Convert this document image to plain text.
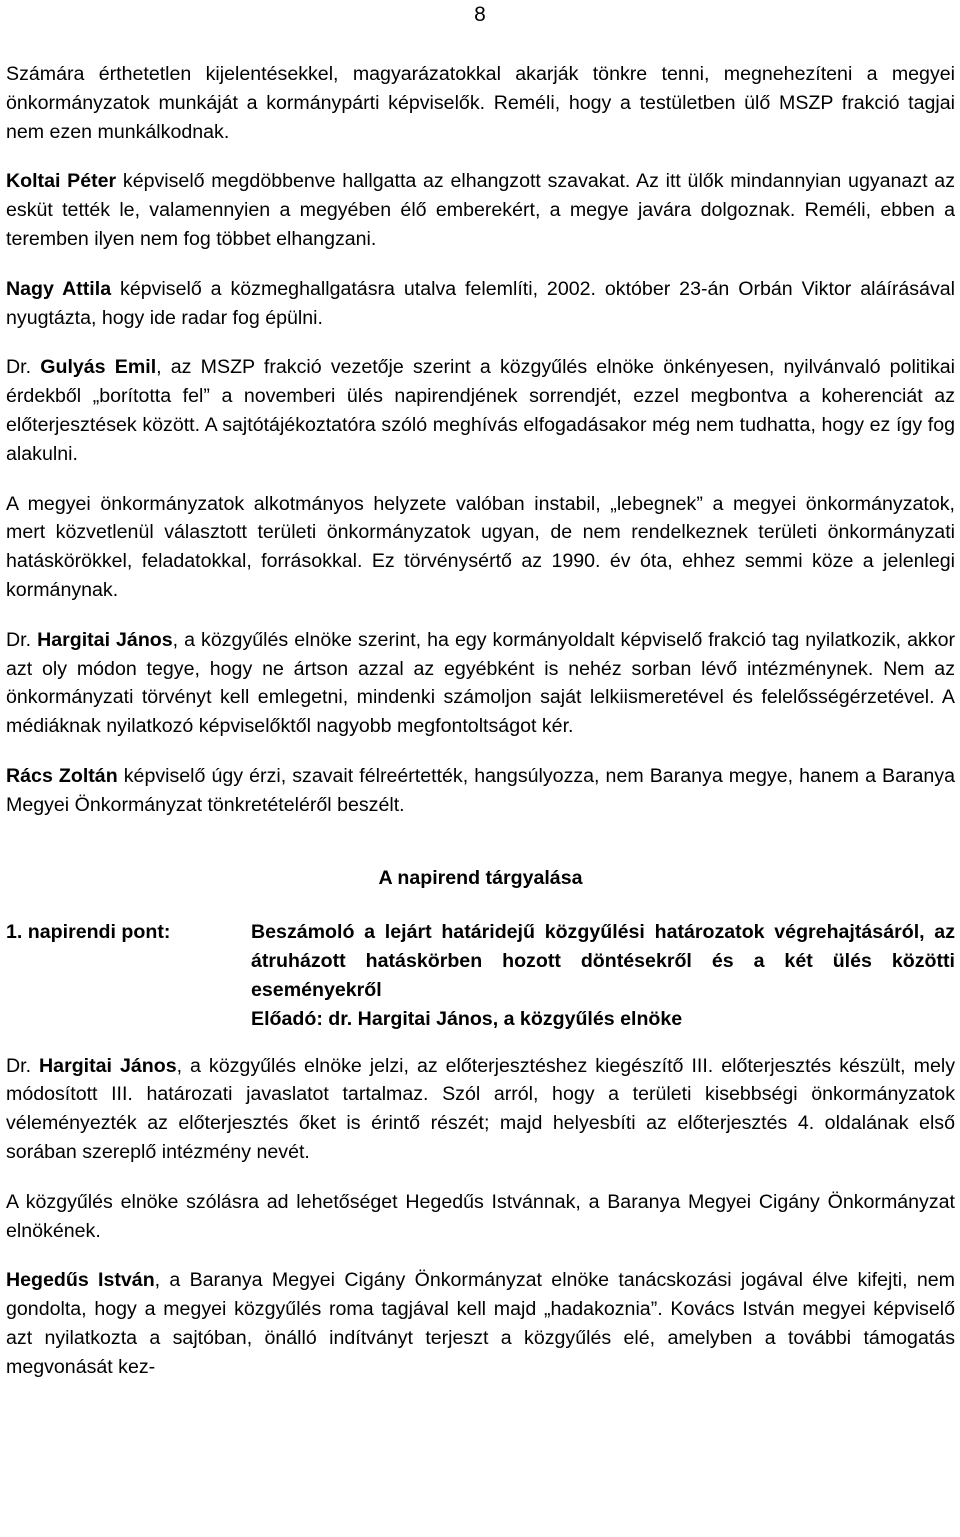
8

Számára érthetetlen kijelentésekkel, magyarázatokkal akarják tönkre tenni, megnehezíteni a megyei önkormányzatok munkáját a kormánypárti képviselők. Reméli, hogy a testületben ülő MSZP frakció tagjai nem ezen munkálkodnak.

Koltai Péter képviselő megdöbbenve hallgatta az elhangzott szavakat. Az itt ülők mindannyian ugyanazt az esküt tették le, valamennyien a megyében élő emberekért, a megye javára dolgoznak. Reméli, ebben a teremben ilyen nem fog többet elhangzani.

Nagy Attila képviselő a közmeghallgatásra utalva felemlíti, 2002. október 23-án Orbán Viktor aláírásával nyugtázta, hogy ide radar fog épülni.

Dr. Gulyás Emil, az MSZP frakció vezetője szerint a közgyűlés elnöke önkényesen, nyilvánvaló politikai érdekből „borította fel” a novemberi ülés napirendjének sorrendjét, ezzel megbontva a koherenciát az előterjesztések között. A sajtótájékoztatóra szóló meghívás elfogadásakor még nem tudhatta, hogy ez így fog alakulni.

A megyei önkormányzatok alkotmányos helyzete valóban instabil, „lebegnek” a megyei önkormányzatok, mert közvetlenül választott területi önkormányzatok ugyan, de nem rendelkeznek területi önkormányzati hatáskörökkel, feladatokkal, forrásokkal. Ez törvénysértő az 1990. év óta, ehhez semmi köze a jelenlegi kormánynak.

Dr. Hargitai János, a közgyűlés elnöke szerint, ha egy kormányoldalt képviselő frakció tag nyilatkozik, akkor azt oly módon tegye, hogy ne ártson azzal az egyébként is nehéz sorban lévő intézménynek. Nem az önkormányzati törvényt kell emlegetni, mindenki számoljon saját lelkiismeretével és felelősségérzetével. A médiáknak nyilatkozó képviselőktől nagyobb megfontoltságot kér.

Rács Zoltán képviselő úgy érzi, szavait félreértették, hangsúlyozza, nem Baranya megye, hanem a Baranya Megyei Önkormányzat tönkretételéről beszélt.

A napirend tárgyalása
1. napirendi pont:	Beszámoló a lejárt határidejű közgyűlési határozatok végrehajtásáról, az átruházott hatáskörben hozott döntésekről és a két ülés közötti eseményekről
Előadó: dr. Hargitai János, a közgyűlés elnöke

Dr. Hargitai János, a közgyűlés elnöke jelzi, az előterjesztéshez kiegészítő III. előterjesztés készült, mely módosított III. határozati javaslatot tartalmaz. Szól arról, hogy a területi kisebbségi önkormányzatok véleményezték az előterjesztés őket is érintő részét; majd helyesbíti az előterjesztés 4. oldalának első sorában szereplő intézmény nevét.

A közgyűlés elnöke szólásra ad lehetőséget Hegedűs Istvánnak, a Baranya Megyei Cigány Önkormányzat elnökének.

Hegedűs István, a Baranya Megyei Cigány Önkormányzat elnöke tanácskozási jogával élve kifejti, nem gondolta, hogy a megyei közgyűlés roma tagjával kell majd „hadakoznia”. Kovács István megyei képviselő azt nyilatkozta a sajtóban, önálló indítványt terjeszt a közgyűlés elé, amelyben a további támogatás megvonását kez-
